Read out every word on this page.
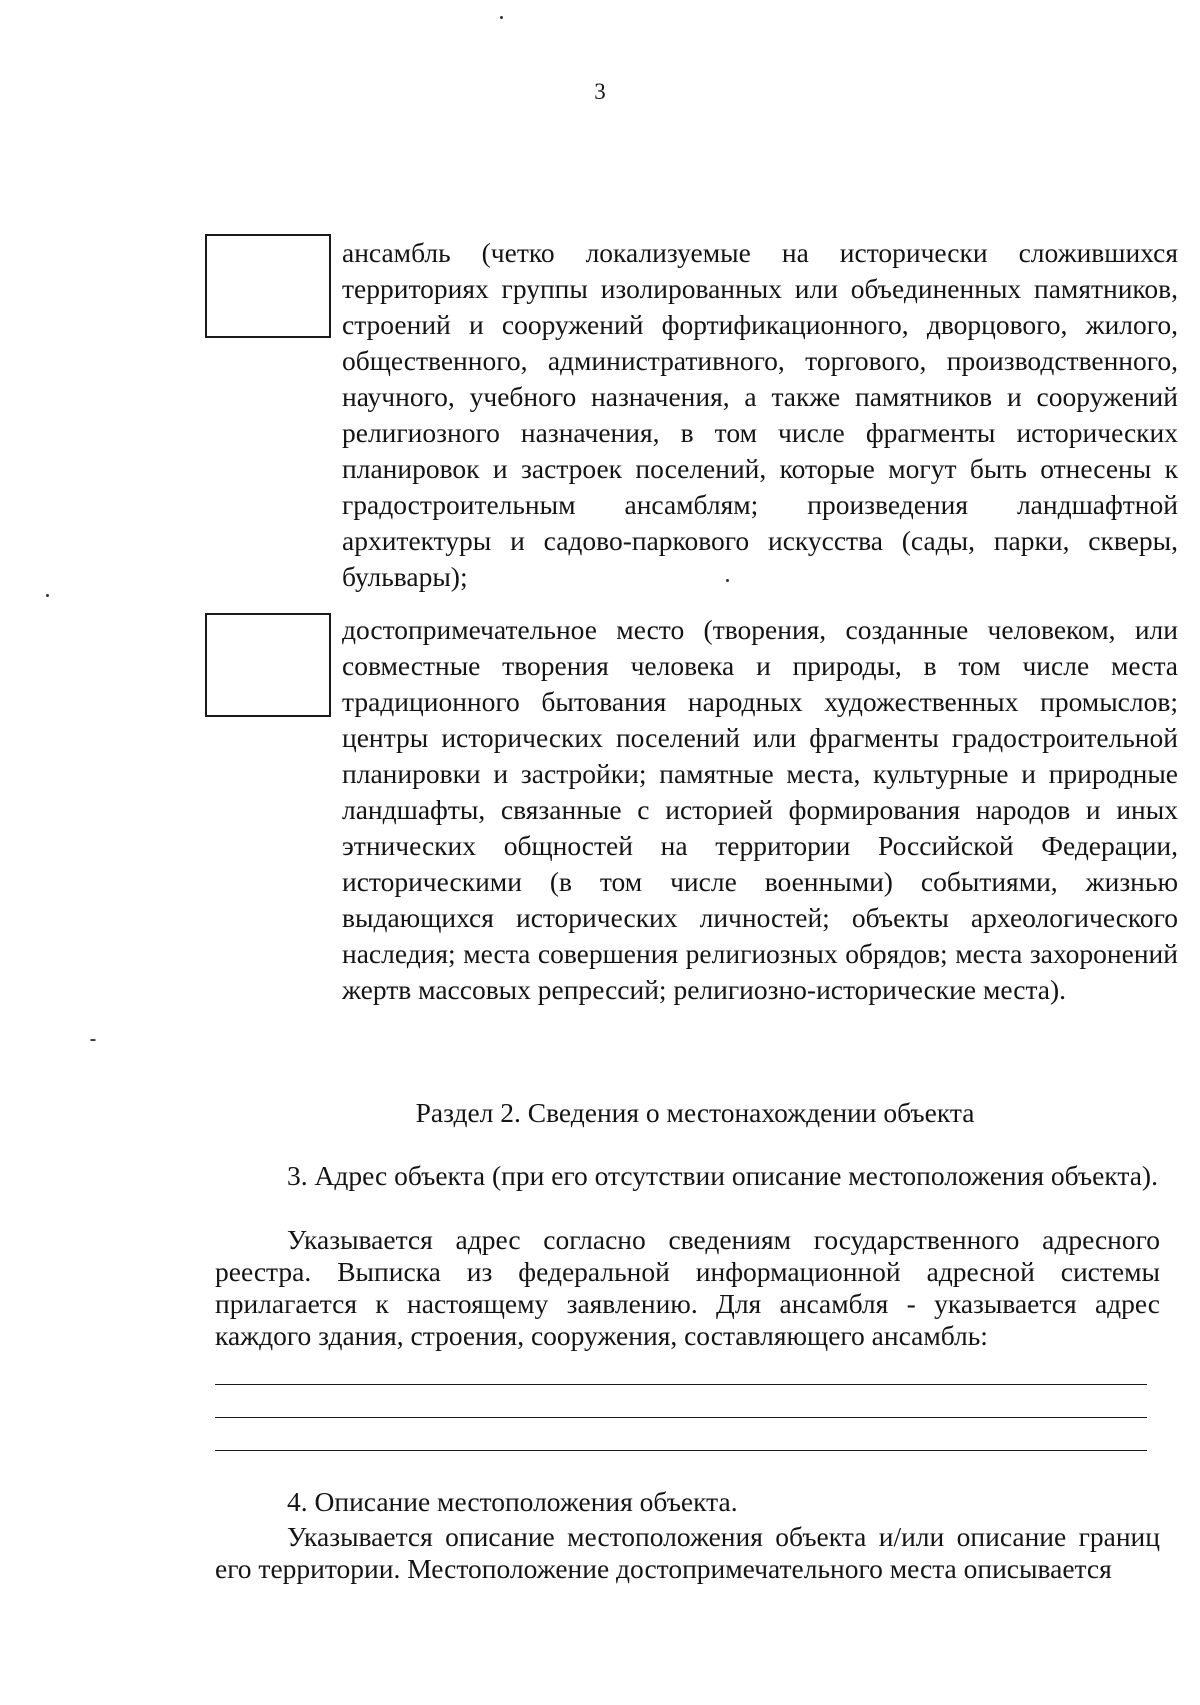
3

ансамбль (четко локализуемые на исторически сложившихся территориях группы изолированных или объединенных памятников, строений и сооружений фортификационного, дворцового, жилого, общественного, административного, торгового, производственного, научного, учебного назначения, а также памятников и сооружений религиозного назначения, в том числе фрагменты исторических планировок и застроек поселений, которые могут быть отнесены к градостроительным ансамблям; произведения ландшафтной архитектуры и садово-паркового искусства (сады, парки, скверы, бульвары);

достопримечательное место (творения, созданные человеком, или совместные творения человека и природы, в том числе места традиционного бытования народных художественных промыслов; центры исторических поселений или фрагменты градостроительной планировки и застройки; памятные места, культурные и природные ландшафты, связанные с историей формирования народов и иных этнических общностей на территории Российской Федерации, историческими (в том числе военными) событиями, жизнью выдающихся исторических личностей; объекты археологического наследия; места совершения религиозных обрядов; места захоронений жертв массовых репрессий; религиозно-исторические места).

Раздел 2. Сведения о местонахождении объекта

3. Адрес объекта (при его отсутствии описание местоположения объекта).

Указывается адрес согласно сведениям государственного адресного реестра. Выписка из федеральной информационной адресной системы прилагается к настоящему заявлению. Для ансамбля - указывается адрес каждого здания, строения, сооружения, составляющего ансамбль:

4. Описание местоположения объекта.

Указывается описание местоположения объекта и/или описание границ его территории. Местоположение достопримечательного места описывается
